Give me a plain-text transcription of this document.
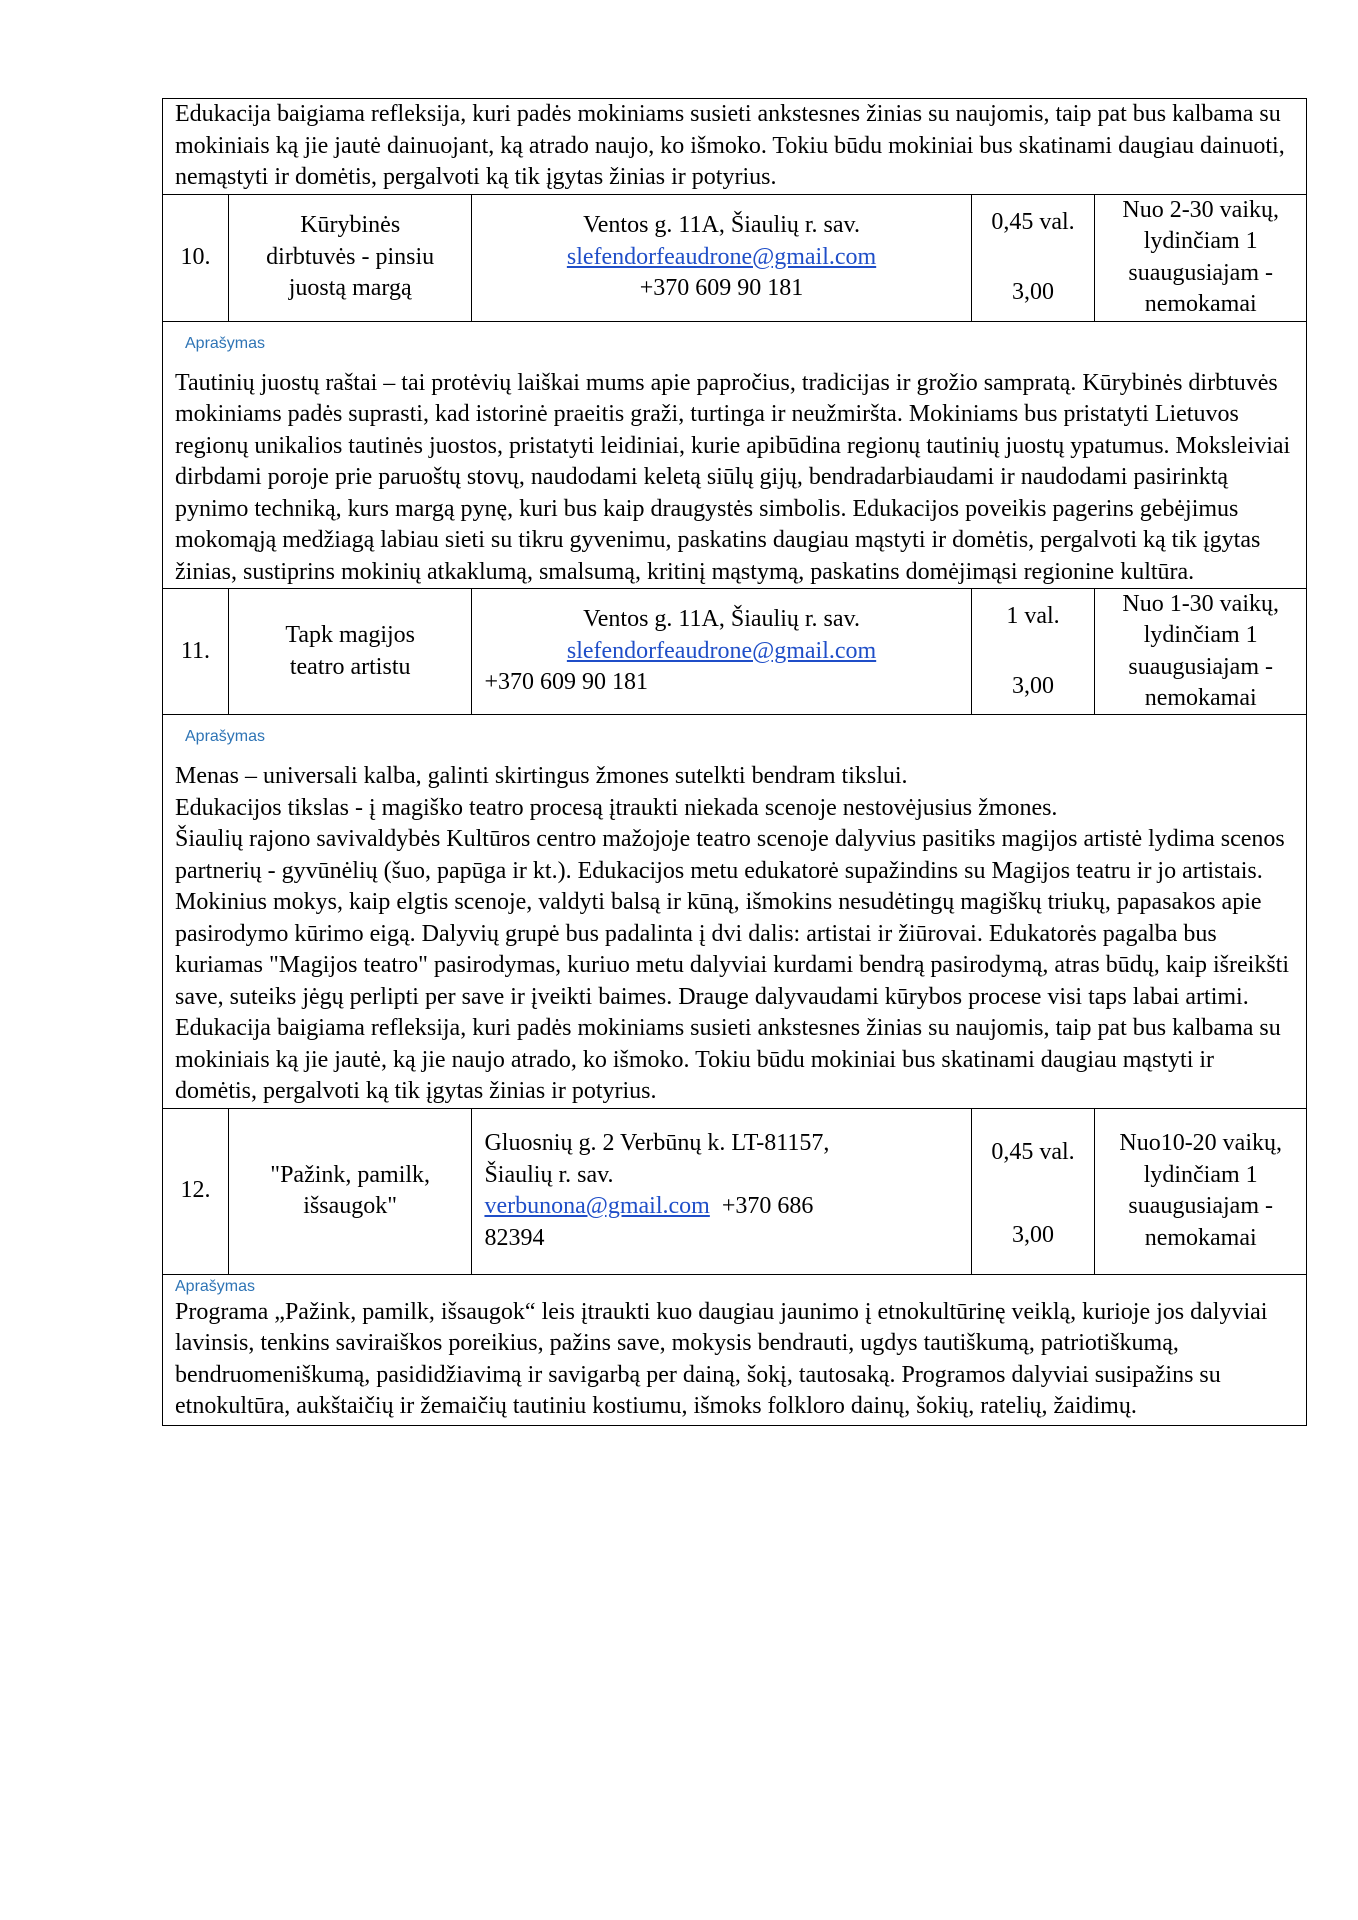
Edukacija baigiama refleksija, kuri padės mokiniams susieti ankstesnes žinias su naujomis, taip pat bus kalbama su mokiniais ką jie jautė dainuojant, ką atrado naujo, ko išmoko. Tokiu būdu mokiniai bus skatinami daugiau dainuoti, nemąstyti ir domėtis, pergalvoti ką tik įgytas žinias ir potyrius.

10.
Kūrybinės
dirbtuvės - pinsiu
juostą margą
Ventos g. 11A, Šiaulių r. sav.
slefendorfeaudrone@gmail.com
+370 609 90 181
0,45 val.
3,00
Nuo 2-30 vaikų,
lydinčiam 1
suaugusiajam -
nemokamai
Aprašymas

Tautinių juostų raštai – tai protėvių laiškai mums apie papročius, tradicijas ir grožio sampratą. Kūrybinės dirbtuvės mokiniams padės suprasti, kad istorinė praeitis graži, turtinga ir neužmiršta. Mokiniams bus pristatyti Lietuvos regionų unikalios tautinės juostos, pristatyti leidiniai, kurie apibūdina regionų tautinių juostų ypatumus. Moksleiviai dirbdami poroje prie paruoštų stovų, naudodami keletą siūlų gijų, bendradarbiaudami ir naudodami pasirinktą pynimo techniką, kurs margą pynę, kuri bus kaip draugystės simbolis. Edukacijos poveikis pagerins gebėjimus mokomąją medžiagą labiau sieti su tikru gyvenimu, paskatins daugiau mąstyti ir domėtis, pergalvoti ką tik įgytas žinias, sustiprins mokinių atkaklumą, smalsumą, kritinį mąstymą, paskatins domėjimąsi regionine kultūra.

11.
Tapk magijos
teatro artistu
Ventos g. 11A, Šiaulių r. sav.
slefendorfeaudrone@gmail.com
+370 609 90 181
1 val.
3,00
Nuo 1-30 vaikų,
lydinčiam 1
suaugusiajam -
nemokamai
Aprašymas

Menas – universali kalba, galinti skirtingus žmones sutelkti bendram tikslui.

Edukacijos tikslas - į magiško teatro procesą įtraukti niekada scenoje nestovėjusius žmones.

Šiaulių rajono savivaldybės Kultūros centro mažojoje teatro scenoje dalyvius pasitiks magijos artistė lydima scenos partnerių - gyvūnėlių (šuo, papūga ir kt.). Edukacijos metu edukatorė supažindins su Magijos teatru ir jo artistais. Mokinius mokys, kaip elgtis scenoje, valdyti balsą ir kūną, išmokins nesudėtingų magiškų triukų, papasakos apie pasirodymo kūrimo eigą. Dalyvių grupė bus padalinta į dvi dalis: artistai ir žiūrovai. Edukatorės pagalba bus kuriamas "Magijos teatro" pasirodymas, kuriuo metu dalyviai kurdami bendrą pasirodymą, atras būdų, kaip išreikšti save, suteiks jėgų perlipti per save ir įveikti baimes. Drauge dalyvaudami kūrybos procese visi taps labai artimi.

Edukacija baigiama refleksija, kuri padės mokiniams susieti ankstesnes žinias su naujomis, taip pat bus kalbama su mokiniais ką jie jautė, ką jie naujo atrado, ko išmoko. Tokiu būdu mokiniai bus skatinami daugiau mąstyti ir domėtis, pergalvoti ką tik įgytas žinias ir potyrius.

12.
"Pažink, pamilk,
išsaugok"
Gluosnių g. 2 Verbūnų k. LT-81157,
Šiaulių r. sav.
verbunona@gmail.com  +370 686
82394
0,45 val.
3,00
Nuo10-20 vaikų,
lydinčiam 1
suaugusiajam -
nemokamai
Aprašymas

Programa „Pažink, pamilk, išsaugok“ leis įtraukti kuo daugiau jaunimo į etnokultūrinę veiklą, kurioje jos dalyviai lavinsis, tenkins saviraiškos poreikius, pažins save, mokysis bendrauti, ugdys tautiškumą, patriotiškumą, bendruomeniškumą, pasididžiavimą ir savigarbą per dainą, šokį, tautosaką. Programos dalyviai susipažins su etnokultūra, aukštaičių ir žemaičių tautiniu kostiumu, išmoks folkloro dainų, šokių, ratelių, žaidimų.
